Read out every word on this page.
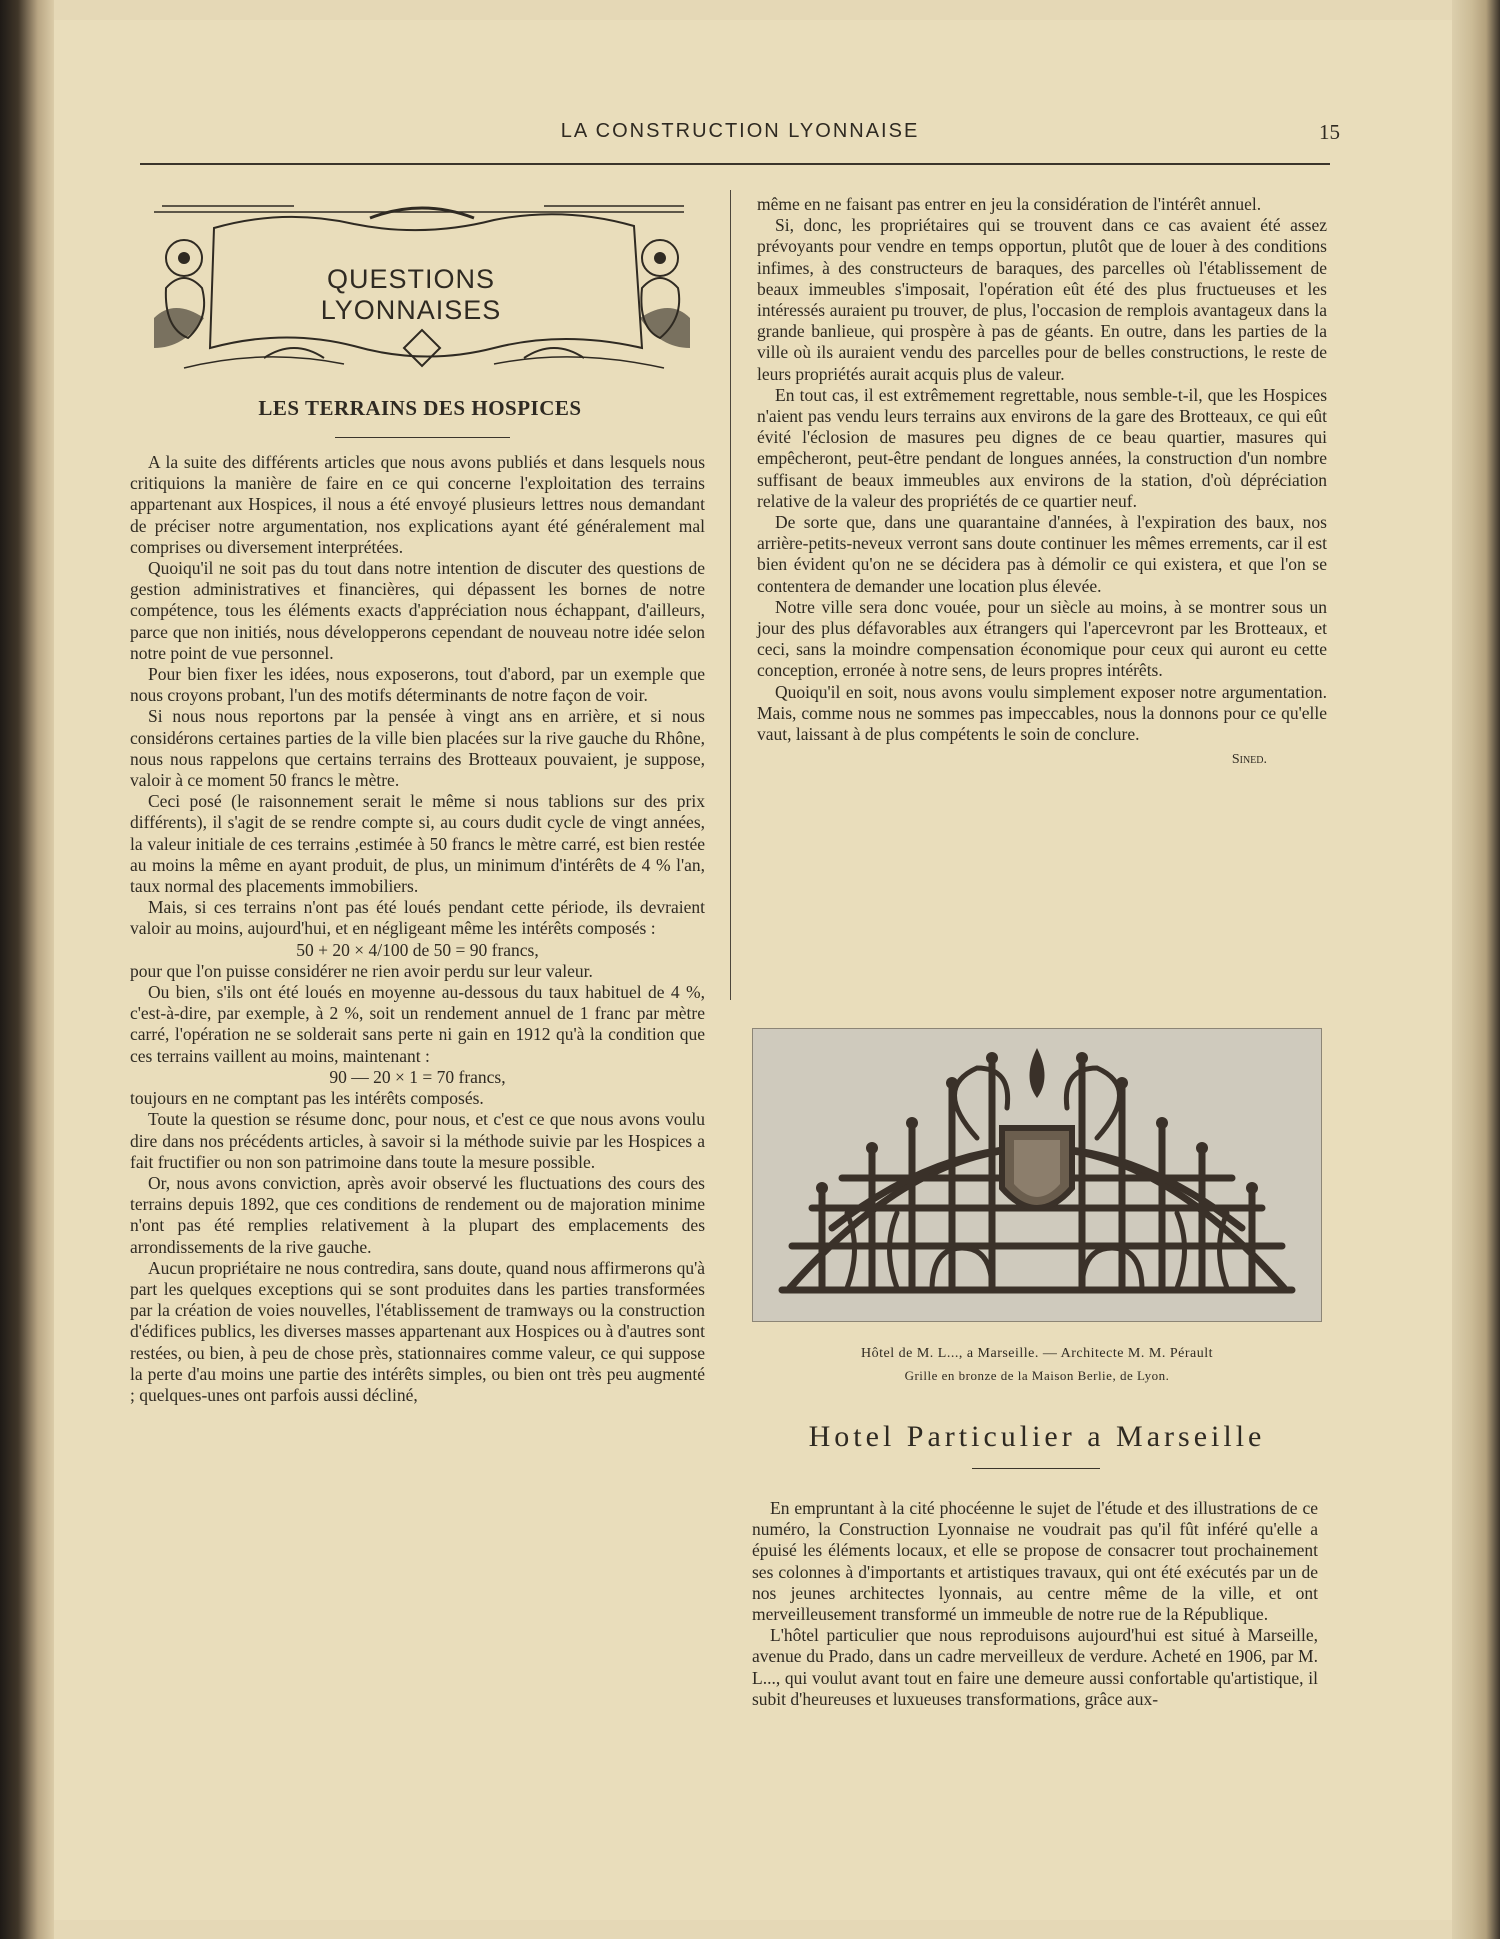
LA CONSTRUCTION LYONNAISE	15
QUESTIONS LYONNAISES
LES TERRAINS DES HOSPICES

A la suite des différents articles que nous avons publiés et dans lesquels nous critiquions la manière de faire en ce qui concerne l'exploitation des terrains appartenant aux Hospices, il nous a été envoyé plusieurs lettres nous demandant de préciser notre argumentation, nos explications ayant été généralement mal comprises ou diversement interprétées.

Quoiqu'il ne soit pas du tout dans notre intention de discuter des questions de gestion administratives et financières, qui dépassent les bornes de notre compétence, tous les éléments exacts d'appréciation nous échappant, d'ailleurs, parce que non initiés, nous développerons cependant de nouveau notre idée selon notre point de vue personnel.

Pour bien fixer les idées, nous exposerons, tout d'abord, par un exemple que nous croyons probant, l'un des motifs déterminants de notre façon de voir.

Si nous nous reportons par la pensée à vingt ans en arrière, et si nous considérons certaines parties de la ville bien placées sur la rive gauche du Rhône, nous nous rappelons que certains terrains des Brotteaux pouvaient, je suppose, valoir à ce moment 50 francs le mètre.

Ceci posé (le raisonnement serait le même si nous tablions sur des prix différents), il s'agit de se rendre compte si, au cours dudit cycle de vingt années, la valeur initiale de ces terrains ,estimée à 50 francs le mètre carré, est bien restée au moins la même en ayant produit, de plus, un minimum d'intérêts de 4 % l'an, taux normal des placements immobiliers.

Mais, si ces terrains n'ont pas été loués pendant cette période, ils devraient valoir au moins, aujourd'hui, et en négligeant même les intérêts composés :

50 + 20 × 4/100 de 50 = 90 francs,

pour que l'on puisse considérer ne rien avoir perdu sur leur valeur.

Ou bien, s'ils ont été loués en moyenne au-dessous du taux habituel de 4 %, c'est-à-dire, par exemple, à 2 %, soit un rendement annuel de 1 franc par mètre carré, l'opération ne se solderait sans perte ni gain en 1912 qu'à la condition que ces terrains vaillent au moins, maintenant :

90 — 20 × 1 = 70 francs,

toujours en ne comptant pas les intérêts composés.

Toute la question se résume donc, pour nous, et c'est ce que nous avons voulu dire dans nos précédents articles, à savoir si la méthode suivie par les Hospices a fait fructifier ou non son patrimoine dans toute la mesure possible.

Or, nous avons conviction, après avoir observé les fluctuations des cours des terrains depuis 1892, que ces conditions de rendement ou de majoration minime n'ont pas été remplies relativement à la plupart des emplacements des arrondissements de la rive gauche.

Aucun propriétaire ne nous contredira, sans doute, quand nous affirmerons qu'à part les quelques exceptions qui se sont produites dans les parties transformées par la création de voies nouvelles, l'établissement de tramways ou la construction d'édifices publics, les diverses masses appartenant aux Hospices ou à d'autres sont restées, ou bien, à peu de chose près, stationnaires comme valeur, ce qui suppose la perte d'au moins une partie des intérêts simples, ou bien ont très peu augmenté ; quelques-unes ont parfois aussi décliné,

même en ne faisant pas entrer en jeu la considération de l'intérêt annuel.

Si, donc, les propriétaires qui se trouvent dans ce cas avaient été assez prévoyants pour vendre en temps opportun, plutôt que de louer à des conditions infimes, à des constructeurs de baraques, des parcelles où l'établissement de beaux immeubles s'imposait, l'opération eût été des plus fructueuses et les intéressés auraient pu trouver, de plus, l'occasion de remplois avantageux dans la grande banlieue, qui prospère à pas de géants. En outre, dans les parties de la ville où ils auraient vendu des parcelles pour de belles constructions, le reste de leurs propriétés aurait acquis plus de valeur.

En tout cas, il est extrêmement regrettable, nous semble-t-il, que les Hospices n'aient pas vendu leurs terrains aux environs de la gare des Brotteaux, ce qui eût évité l'éclosion de masures peu dignes de ce beau quartier, masures qui empêcheront, peut-être pendant de longues années, la construction d'un nombre suffisant de beaux immeubles aux environs de la station, d'où dépréciation relative de la valeur des propriétés de ce quartier neuf.

De sorte que, dans une quarantaine d'années, à l'expiration des baux, nos arrière-petits-neveux verront sans doute continuer les mêmes errements, car il est bien évident qu'on ne se décidera pas à démolir ce qui existera, et que l'on se contentera de demander une location plus élevée.

Notre ville sera donc vouée, pour un siècle au moins, à se montrer sous un jour des plus défavorables aux étrangers qui l'apercevront par les Brotteaux, et ceci, sans la moindre compensation économique pour ceux qui auront eu cette conception, erronée à notre sens, de leurs propres intérêts.

Quoiqu'il en soit, nous avons voulu simplement exposer notre argumentation. Mais, comme nous ne sommes pas impeccables, nous la donnons pour ce qu'elle vaut, laissant à de plus compétents le soin de conclure.

Sined.
Hôtel de M. L..., a Marseille. — Architecte M. M. Pérault
Grille en bronze de la Maison Berlie, de Lyon.
Hotel Particulier a Marseille

En empruntant à la cité phocéenne le sujet de l'étude et des illustrations de ce numéro, la Construction Lyonnaise ne voudrait pas qu'il fût inféré qu'elle a épuisé les éléments locaux, et elle se propose de consacrer tout prochainement ses colonnes à d'importants et artistiques travaux, qui ont été exécutés par un de nos jeunes architectes lyonnais, au centre même de la ville, et ont merveilleusement transformé un immeuble de notre rue de la République.

L'hôtel particulier que nous reproduisons aujourd'hui est situé à Marseille, avenue du Prado, dans un cadre merveilleux de verdure. Acheté en 1906, par M. L..., qui voulut avant tout en faire une demeure aussi confortable qu'artistique, il subit d'heureuses et luxueuses transformations, grâce aux-
